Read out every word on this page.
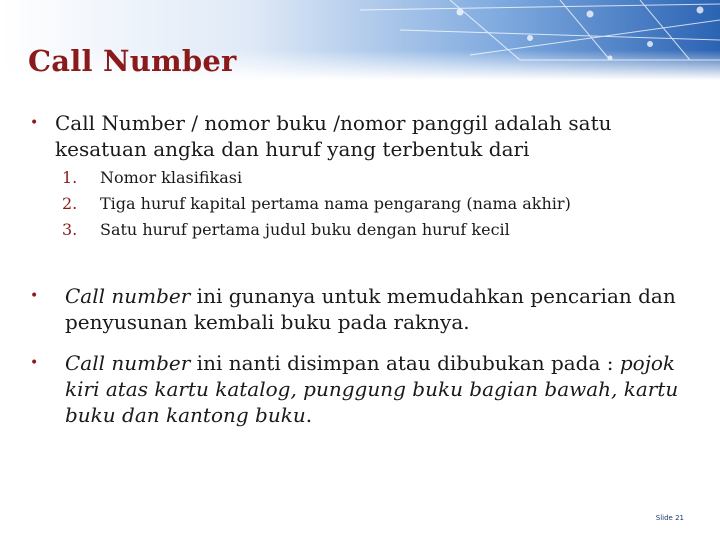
Call Number
• Call Number / nomor buku /nomor panggil adalah satu kesatuan angka dan huruf yang terbentuk dari
1.	Nomor klasifikasi
2.	Tiga huruf kapital pertama nama pengarang (nama akhir)
3.	Satu huruf pertama judul buku dengan huruf kecil
• Call number ini gunanya untuk memudahkan pencarian dan penyusunan kembali buku pada raknya.
• Call number ini nanti disimpan atau dibubukan pada : pojok kiri atas kartu katalog, punggung buku bagian bawah, kartu buku dan kantong buku.
Slide 21
